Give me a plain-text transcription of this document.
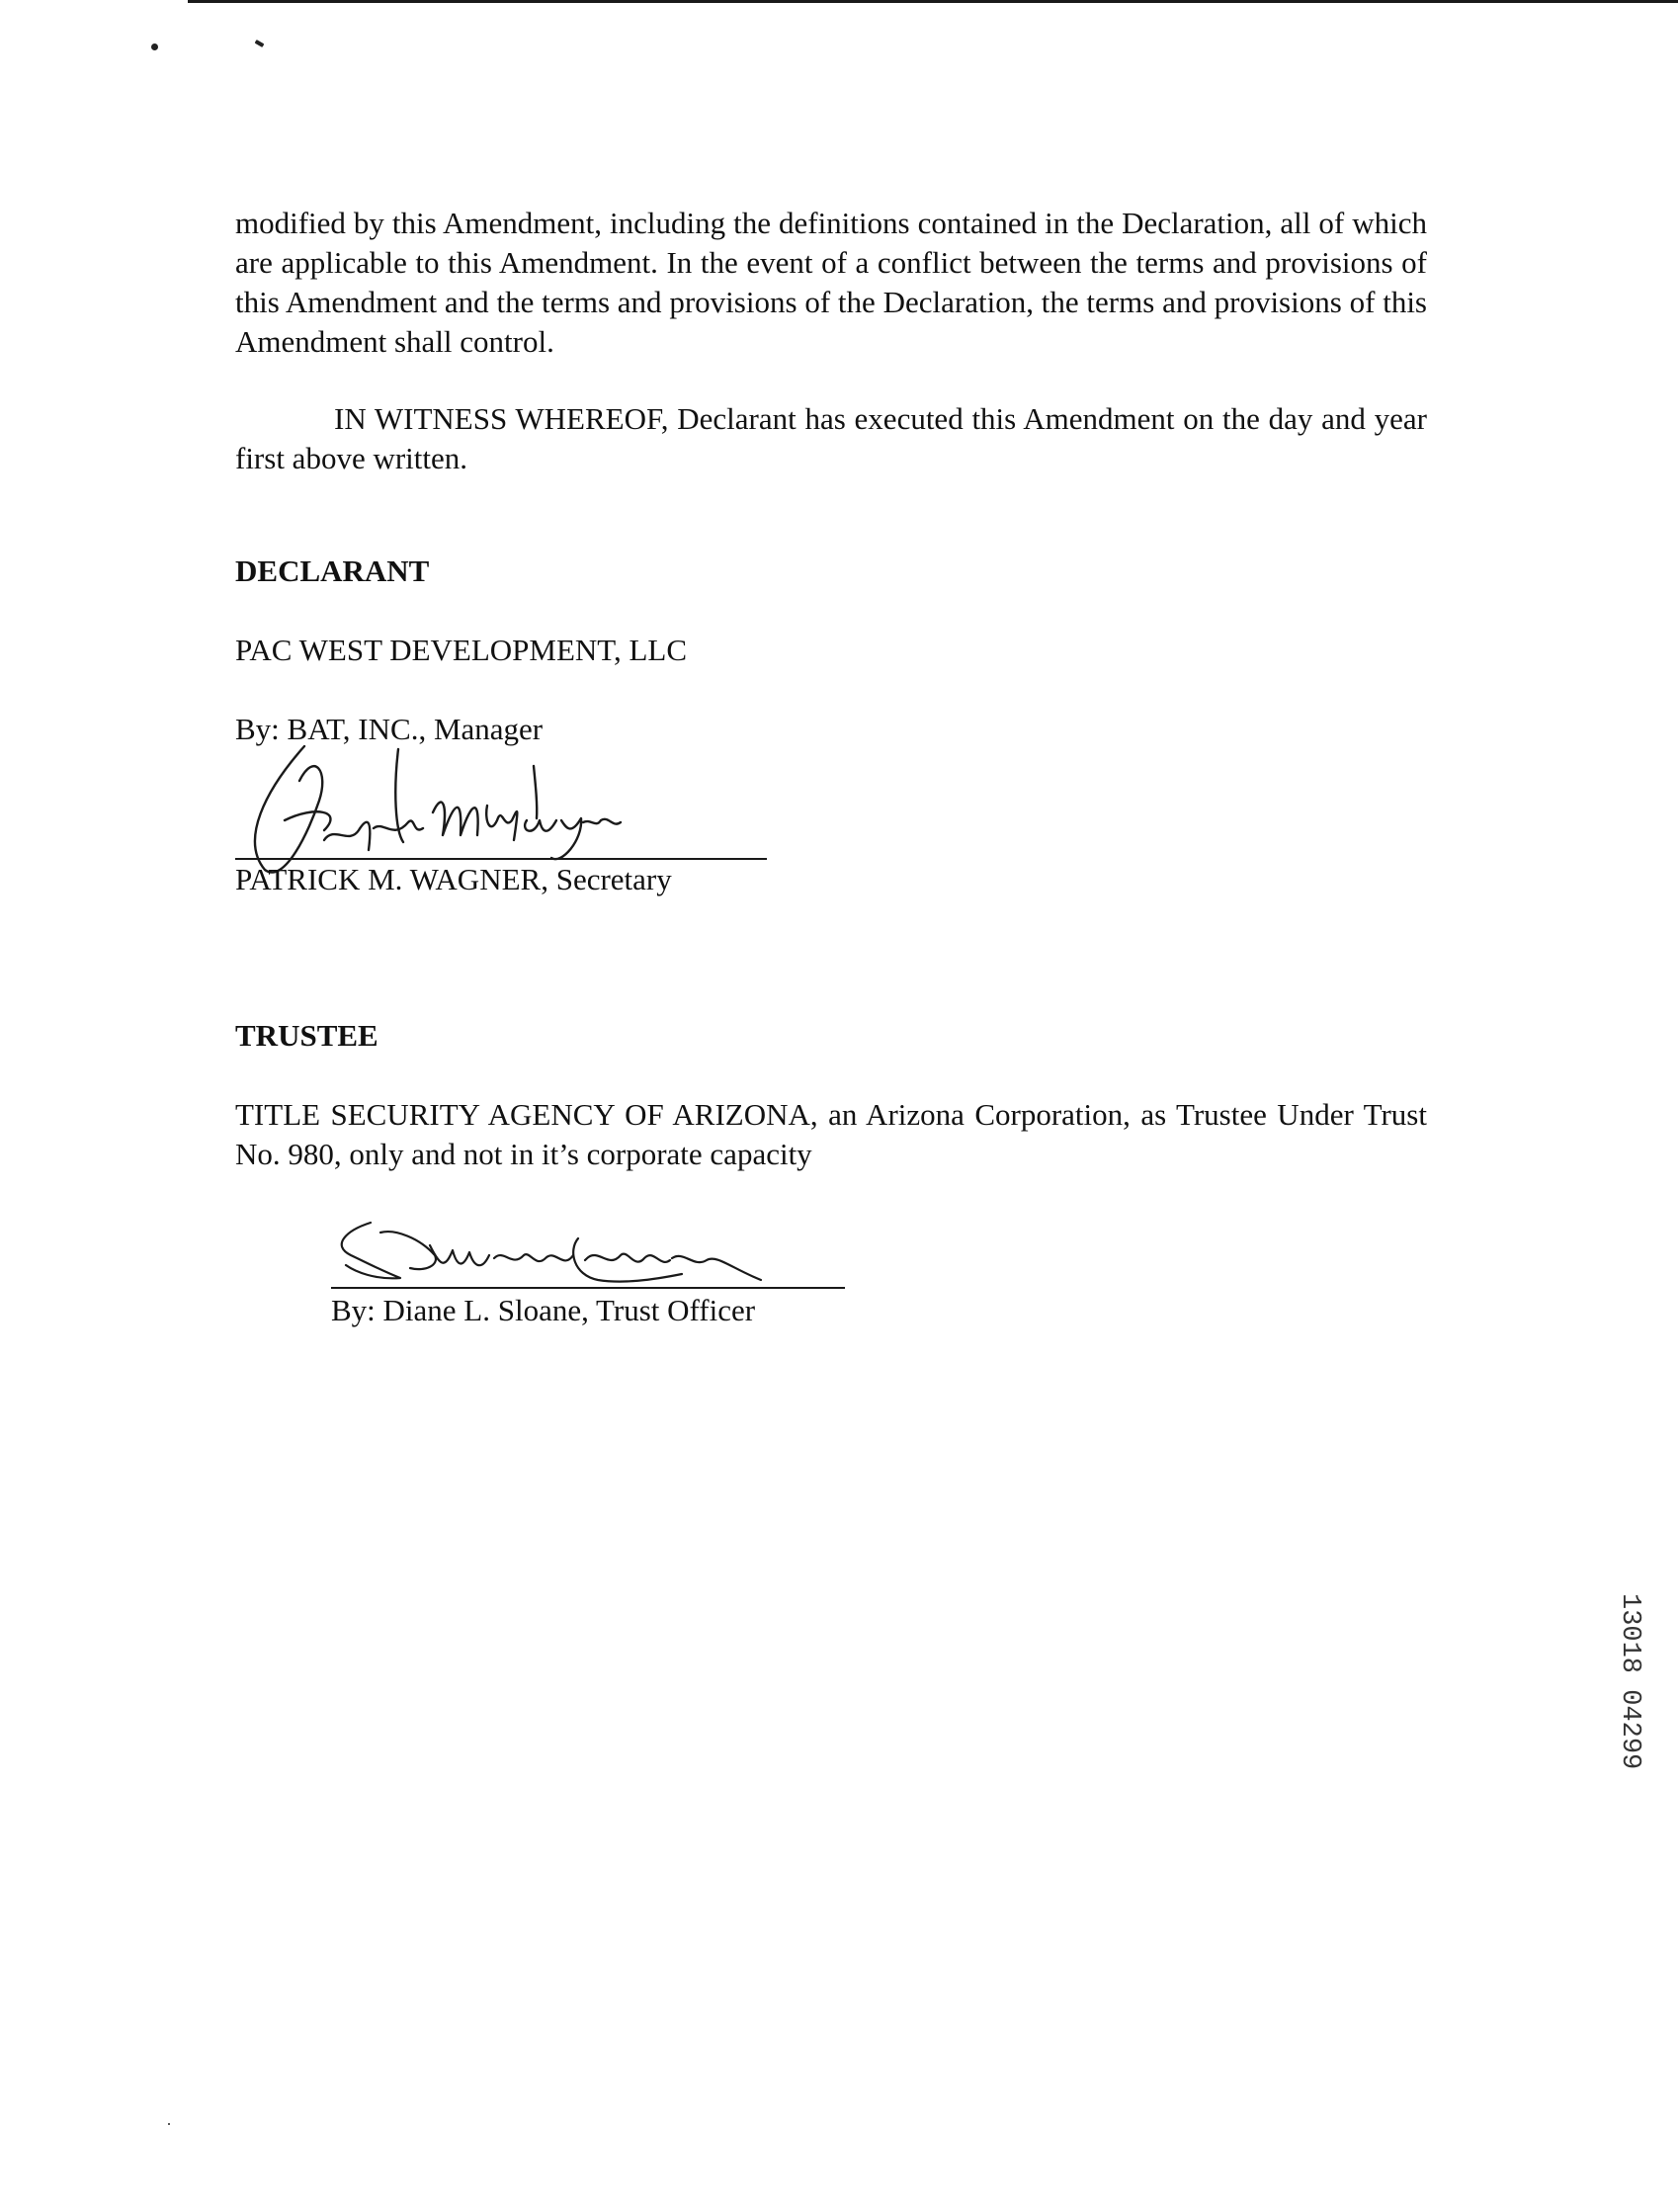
modified by this Amendment, including the definitions contained in the Declaration, all of which are applicable to this Amendment. In the event of a conflict between the terms and provisions of this Amendment and the terms and provisions of the Declaration, the terms and provisions of this Amendment shall control.

IN WITNESS WHEREOF, Declarant has executed this Amendment on the day and year first above written.

DECLARANT
PAC WEST DEVELOPMENT, LLC
By: BAT, INC., Manager
PATRICK M. WAGNER, Secretary
TRUSTEE

TITLE SECURITY AGENCY OF ARIZONA, an Arizona Corporation, as Trustee Under Trust No. 980, only and not in it’s corporate capacity

By: Diane L. Sloane, Trust Officer
13018 04299
